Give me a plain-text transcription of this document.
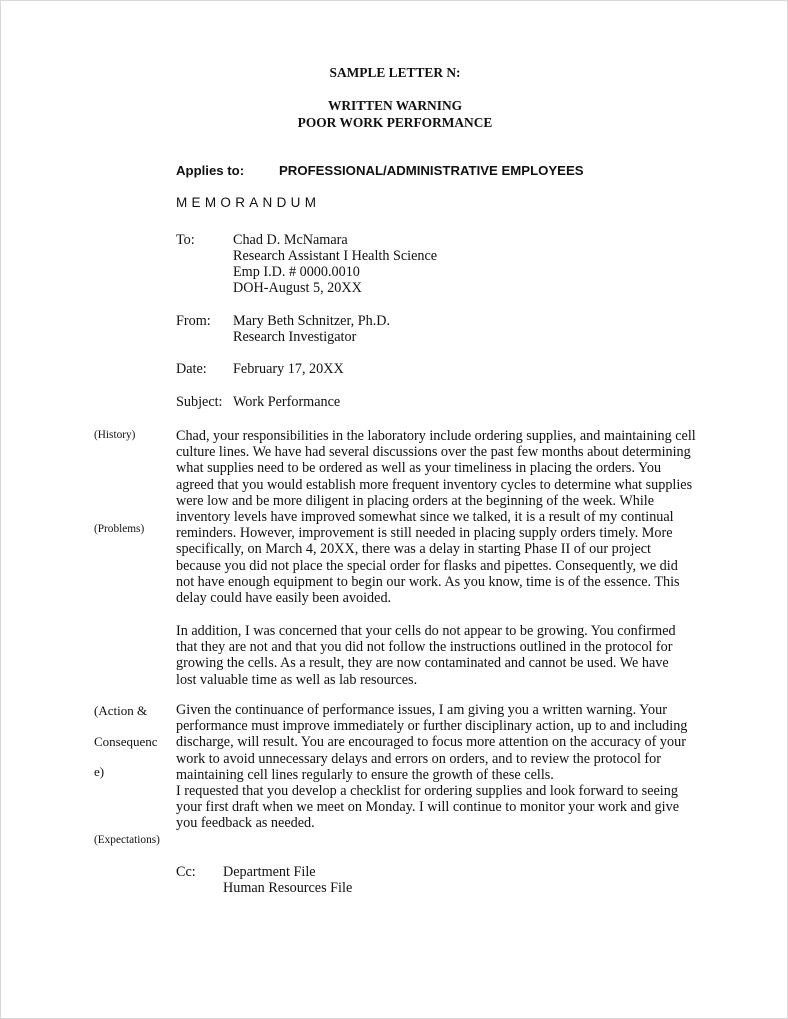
SAMPLE LETTER N:
WRITTEN WARNING
POOR WORK PERFORMANCE
Applies to:	PROFESSIONAL/ADMINISTRATIVE EMPLOYEES
MEMORANDUM
To:	Chad D. McNamara
Research Assistant I Health Science
Emp I.D. # 0000.0010
DOH-August 5, 20XX
From: Mary Beth Schnitzer, Ph.D.
Research Investigator
Date: February 17, 20XX
Subject: Work Performance
(History)
(Problems)
(Action &
Consequenc
e)
(Expectations)
Chad, your responsibilities in the laboratory include ordering supplies, and maintaining cell
culture lines. We have had several discussions over the past few months about determining
what supplies need to be ordered as well as your timeliness in placing the orders. You
agreed that you would establish more frequent inventory cycles to determine what supplies
were low and be more diligent in placing orders at the beginning of the week. While
inventory levels have improved somewhat since we talked, it is a result of my continual
reminders. However, improvement is still needed in placing supply orders timely. More
specifically, on March 4, 20XX, there was a delay in starting Phase II of our project
because you did not place the special order for flasks and pipettes. Consequently, we did
not have enough equipment to begin our work. As you know, time is of the essence. This
delay could have easily been avoided.
In addition, I was concerned that your cells do not appear to be growing. You confirmed
that they are not and that you did not follow the instructions outlined in the protocol for
growing the cells. As a result, they are now contaminated and cannot be used. We have
lost valuable time as well as lab resources.
Given the continuance of performance issues, I am giving you a written warning. Your
performance must improve immediately or further disciplinary action, up to and including
discharge, will result. You are encouraged to focus more attention on the accuracy of your
work to avoid unnecessary delays and errors on orders, and to review the protocol for
maintaining cell lines regularly to ensure the growth of these cells.
I requested that you develop a checklist for ordering supplies and look forward to seeing
your first draft when we meet on Monday. I will continue to monitor your work and give
you feedback as needed.
Cc: Department File
Human Resources File
